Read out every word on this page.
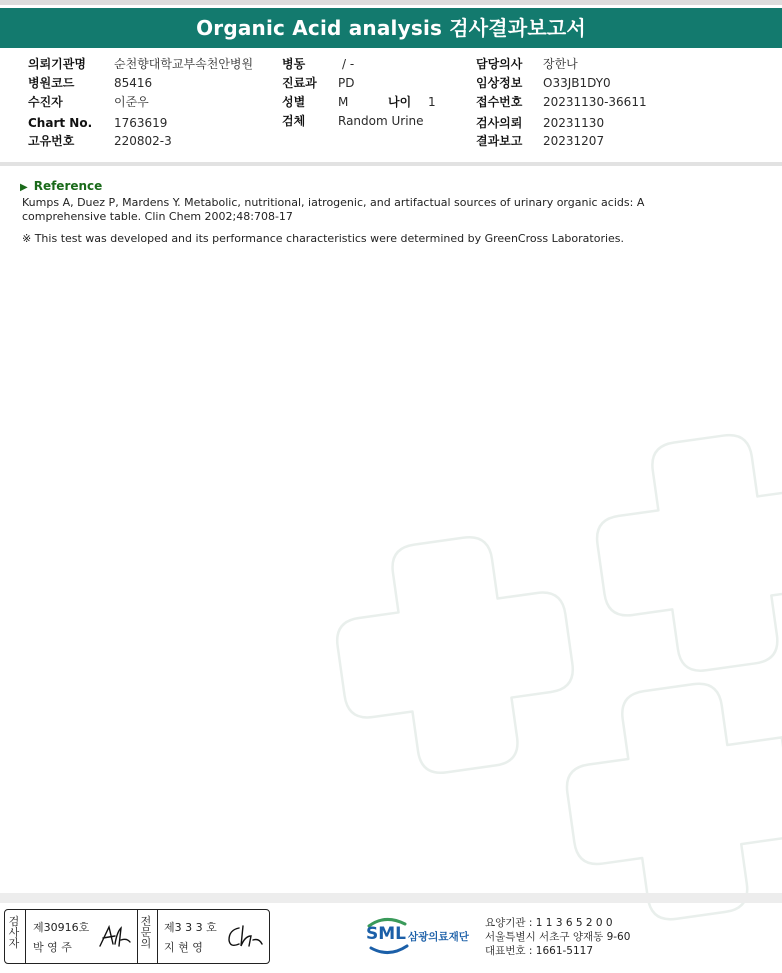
Organic Acid analysis 검사결과보고서
의뢰기관명 순천향대학교부속천안병원
병원코드	85416
수진자	이준우
Chart No. 1763619
고유번호	220802-3
병동	/ -
진료과 PD
성별	M	나이 1
검체	Random Urine
담당의사 장한나
임상정보 O33JB1DY0
접수번호 20231130-36611
검사의뢰 20231130
결과보고 20231207
▶ Reference
Kumps A, Duez P, Mardens Y. Metabolic, nutritional, iatrogenic, and artifactual sources of urinary organic acids: A comprehensive table. Clin Chem 2002;48:708-17
※ This test was developed and its performance characteristics were determined by GreenCross Laboratories.
검
사
자
제30916호
박 영 주
전
문
의
제3 3 3 호
지 현 영
SML 삼광의료재단
요양기관 : 1 1 3 6 5 2 0 0
서울특별시 서초구 양재동 9-60
대표번호 : 1661-5117
